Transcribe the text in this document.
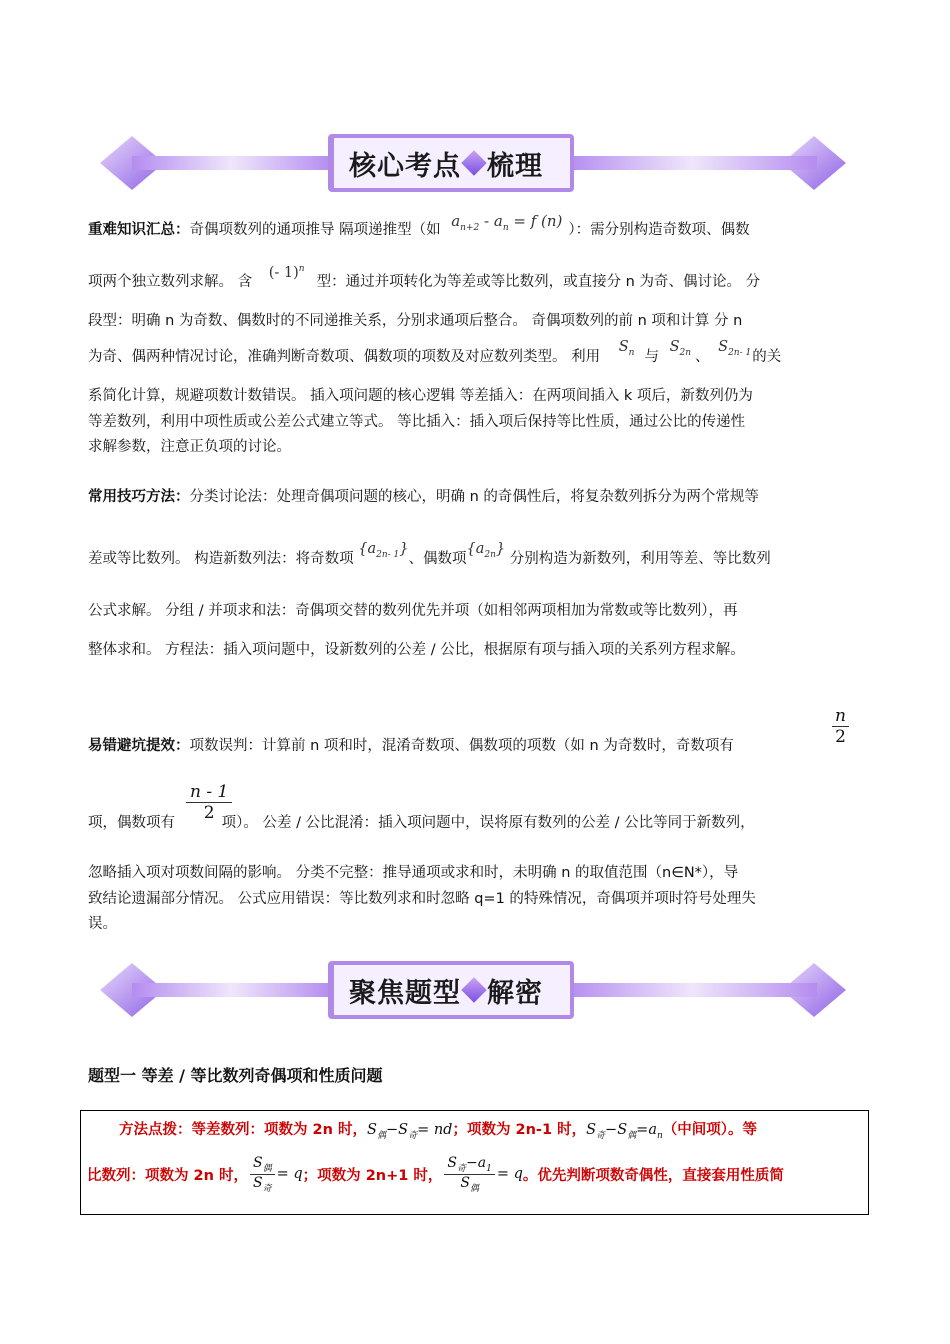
核心考点 梳理
重难知识汇总：奇偶项数列的通项推导 隔项递推型（如 $a_{n+2} - a_n = f$ (n) ）：需分别构造奇数项、偶数
项两个独立数列求解。 含 (- 1)$^n$型：通过并项转化为等差或等比数列，或直接分 n 为奇、偶讨论。 分
段型：明确 n 为奇数、偶数时的不同递推关系，分别求通项后整合。 奇偶项数列的前 n 项和计算 分 n
为奇、偶两种情况讨论，准确判断奇数项、偶数项的项数及对应数列类型。 利用 $S_n$ 与 $S_{2n}$ 、 $S_{2n- 1}$的关
系简化计算，规避项数计数错误。 插入项问题的核心逻辑 等差插入：在两项间插入 k 项后，新数列仍为
等差数列，利用中项性质或公差公式建立等式。 等比插入：插入项后保持等比性质，通过公比的传递性
求解参数，注意正负项的讨论。
常用技巧方法：分类讨论法：处理奇偶项问题的核心，明确 n 的奇偶性后，将复杂数列拆分为两个常规等
差或等比数列。 构造新数列法：将奇数项 $\{a_{2n- 1}\}$、偶数项$\{a_{2n}\}$ 分别构造为新数列，利用等差、等比数列
公式求解。 分组 / 并项求和法：奇偶项交替的数列优先并项（如相邻两项相加为常数或等比数列），再
整体求和。 方程法：插入项问题中，设新数列的公差 / 公比，根据原有项与插入项的关系列方程求解。
易错避坑提效：项数误判：计算前 n 项和时，混淆奇数项、偶数项的项数（如 n 为奇数时，奇数项有	$\frac{n}{2}$
项，偶数项有	项）。 公差 / 公比混淆：插入项问题中，误将原有数列的公差 / 公比等同于新数列，
$\frac{n - 1}{2}$
忽略插入项对项数间隔的影响。 分类不完整：推导通项或求和时，未明确 n 的取值范围（n∈N*），导
致结论遗漏部分情况。 公式应用错误：等比数列求和时忽略 q=1 的特殊情况，奇偶项并项时符号处理失
误。
聚焦题型 解密
题型一 等差 / 等比数列奇偶项和性质问题
方法点拨：等差数列：项数为 2n 时，$S_偶-S_奇=$ nd；项数为 2n-1 时，$S_奇-S_偶=a_n$（中间项）。等
比数列：项数为 2n 时， $\frac{S_偶}{S_奇} = q$ ；项数为 2n+1 时， $\frac{S_奇-a_1}{S_偶} = q$ 。优先判断项数奇偶性，直接套用性质简
